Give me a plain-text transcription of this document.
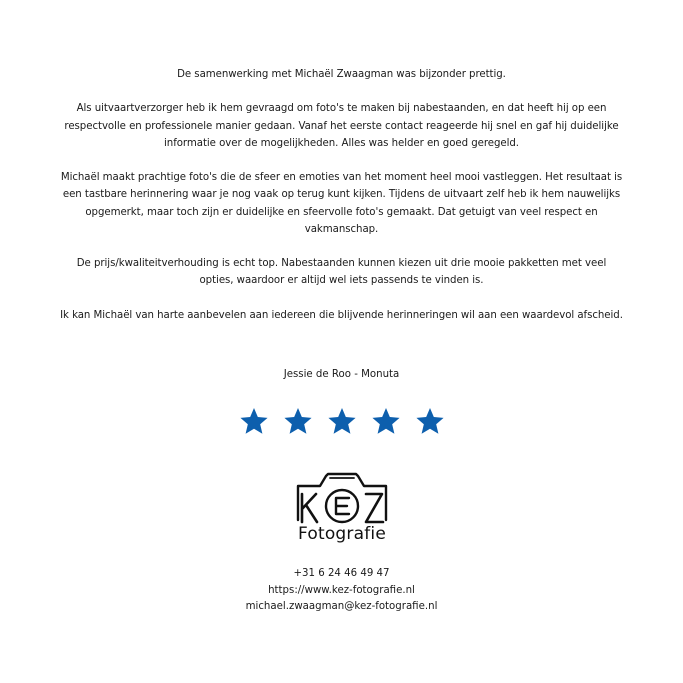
De samenwerking met Michaël Zwaagman was bijzonder prettig.

Als uitvaartverzorger heb ik hem gevraagd om foto's te maken bij nabestaanden, en dat heeft hij op een respectvolle en professionele manier gedaan. Vanaf het eerste contact reageerde hij snel en gaf hij duidelijke informatie over de mogelijkheden. Alles was helder en goed geregeld.

Michaël maakt prachtige foto's die de sfeer en emoties van het moment heel mooi vastleggen. Het resultaat is een tastbare herinnering waar je nog vaak op terug kunt kijken. Tijdens de uitvaart zelf heb ik hem nauwelijks opgemerkt, maar toch zijn er duidelijke en sfeervolle foto's gemaakt. Dat getuigt van veel respect en vakmanschap.

De prijs/kwaliteitverhouding is echt top. Nabestaanden kunnen kiezen uit drie mooie pakketten met veel opties, waardoor er altijd wel iets passends te vinden is.

Ik kan Michaël van harte aanbevelen aan iedereen die blijvende herinneringen wil aan een waardevol afscheid.

Jessie de Roo - Monuta
Fotografie
+31 6 24 46 49 47
https://www.kez-fotografie.nl
michael.zwaagman@kez-fotografie.nl
